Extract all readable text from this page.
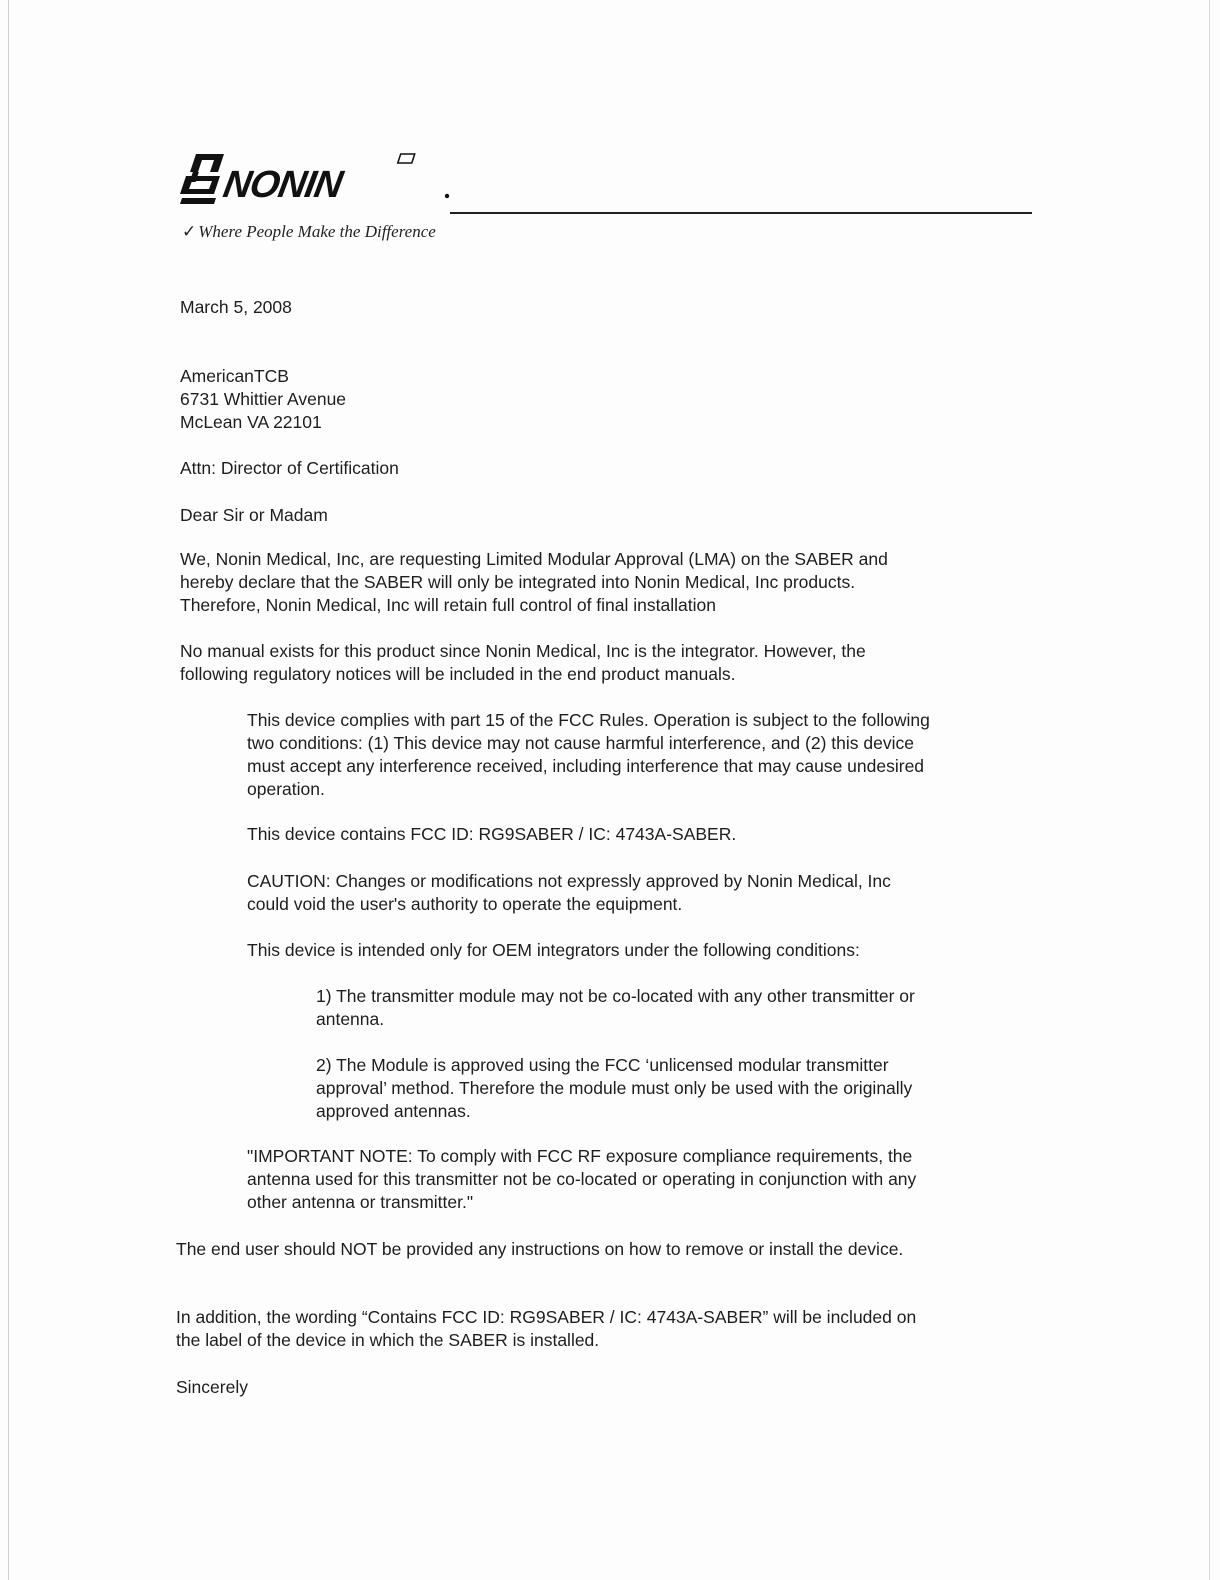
NONIN
✓ Where People Make the Difference
March 5, 2008
AmericanTCB
6731 Whittier Avenue
McLean VA 22101
Attn: Director of Certification
Dear Sir or Madam
We, Nonin Medical, Inc, are requesting Limited Modular Approval (LMA) on the SABER and
hereby declare that the SABER will only be integrated into Nonin Medical, Inc products.
Therefore, Nonin Medical, Inc will retain full control of final installation
No manual exists for this product since Nonin Medical, Inc is the integrator. However, the
following regulatory notices will be included in the end product manuals.
This device complies with part 15 of the FCC Rules. Operation is subject to the following
two conditions: (1) This device may not cause harmful interference, and (2) this device
must accept any interference received, including interference that may cause undesired
operation.
This device contains FCC ID: RG9SABER / IC: 4743A-SABER.
CAUTION: Changes or modifications not expressly approved by Nonin Medical, Inc
could void the user's authority to operate the equipment.
This device is intended only for OEM integrators under the following conditions:
1) The transmitter module may not be co-located with any other transmitter or
antenna.
2) The Module is approved using the FCC ‘unlicensed modular transmitter
approval’ method. Therefore the module must only be used with the originally
approved antennas.
"IMPORTANT NOTE: To comply with FCC RF exposure compliance requirements, the
antenna used for this transmitter not be co-located or operating in conjunction with any
other antenna or transmitter."
The end user should NOT be provided any instructions on how to remove or install the device.
In addition, the wording “Contains FCC ID: RG9SABER / IC: 4743A-SABER” will be included on
the label of the device in which the SABER is installed.
Sincerely
